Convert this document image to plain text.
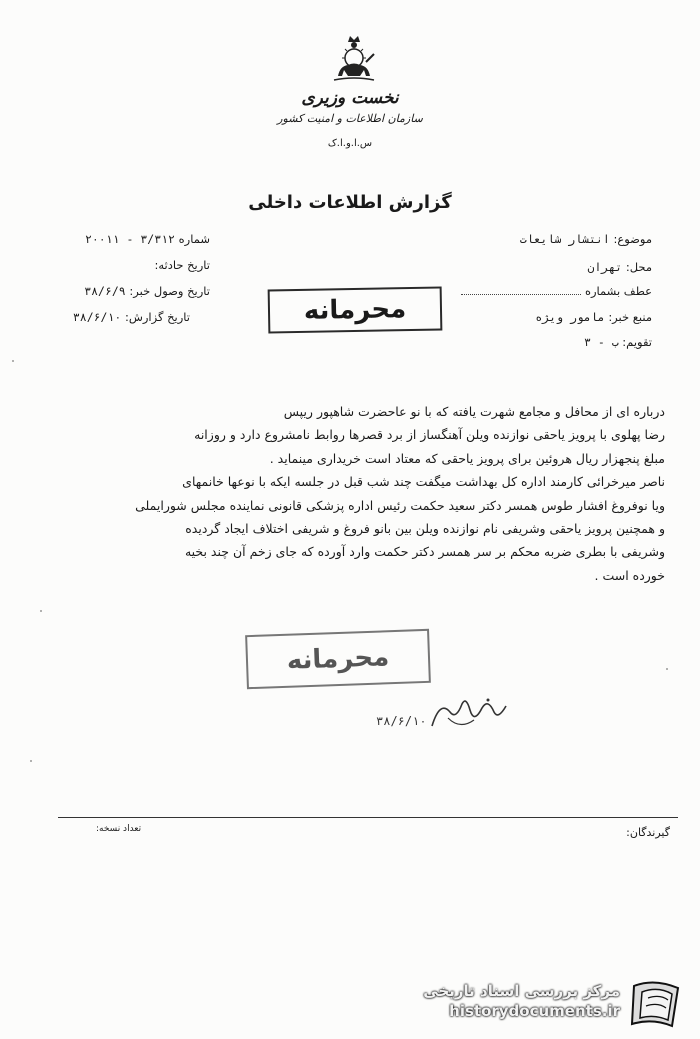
نخست وزیری
سازمان اطلاعات و امنیت کشور
س.ا.و.ا.ک
گزارش اطلاعات داخلی
شماره ۳/۳۱۲ - ۲۰۰۱۱
تاریخ حادثه:
تاریخ وصول خبر: ۳۸/۶/۹
تاریخ گزارش: ۳۸/۶/۱۰
موضوع: انتشار شایعات
محل: تهران
عطف بشماره
منبع خبر: مامور ویژه
تقویم: ب - ۳
محرمانه

درباره ای از محافل و مجامع شهرت یافته که با نو عاحضرت شاهپور ریپس

رضا پهلوی با پرویز یاحقی نوازنده ویلن آهنگساز از برد قصرها روابط نامشروع دارد و روزانه

مبلغ پنجهزار ریال هروئین برای پرویز یاحقی که معتاد است خریداری مینماید .

ناصر میرخرائی کارمند اداره کل بهداشت میگفت چند شب قبل در جلسه ایکه با نوعها خانمهای

ویا نوفروغ افشار طوس همسر دکتر سعید حکمت رئیس اداره پزشکی قانونی نماینده مجلس شورایملی

و همچنین پرویز یاحقی وشریفی نام نوازنده ویلن بین بانو فروغ و شریفی اختلاف ایجاد گردیده

وشریفی با بطری ضربه محکم بر سر همسر دکتر حکمت وارد آورده که جای زخم آن چند بخیه

خورده است .

محرمانه
۳۸/۶/۱۰
گیرندگان:
تعداد نسخه:
مرکز بررسی اسناد تاریخی
historydocuments.ir
